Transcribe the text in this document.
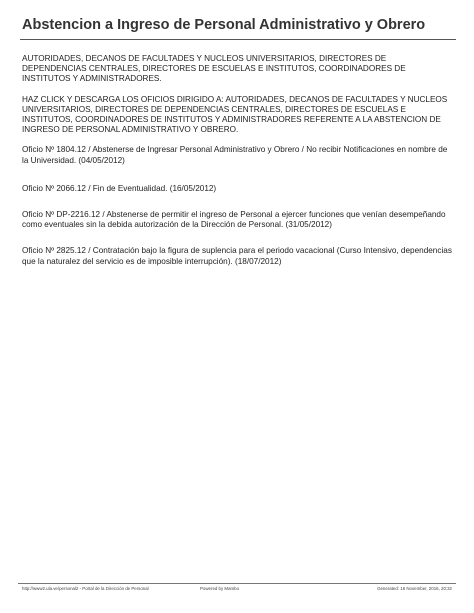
Abstencion a Ingreso de Personal Administrativo y Obrero

AUTORIDADES, DECANOS DE FACULTADES Y NUCLEOS UNIVERSITARIOS, DIRECTORES DE DEPENDENCIAS CENTRALES, DIRECTORES DE ESCUELAS E INSTITUTOS, COORDINADORES DE INSTITUTOS Y ADMINISTRADORES.

HAZ CLICK Y DESCARGA LOS OFICIOS DIRIGIDO A: AUTORIDADES, DECANOS DE FACULTADES Y NUCLEOS UNIVERSITARIOS, DIRECTORES DE DEPENDENCIAS CENTRALES, DIRECTORES DE ESCUELAS E INSTITUTOS, COORDINADORES DE INSTITUTOS Y ADMINISTRADORES REFERENTE A LA ABSTENCION DE INGRESO DE PERSONAL ADMINISTRATIVO Y OBRERO.

Oficio Nº 1804.12 / Abstenerse de Ingresar Personal Administrativo y Obrero / No recibir Notificaciones en nombre de la Universidad. (04/05/2012)

Oficio Nº 2066.12 / Fin de Eventualidad. (16/05/2012)

Oficio Nº DP-2216.12 / Abstenerse de permitir el ingreso de Personal a ejercer funciones que venían desempeñando como eventuales sin la debida autorización de la Dirección de Personal. (31/05/2012)

Oficio Nº 2825.12 / Contratación bajo la figura de suplencia para el periodo vacacional (Curso Intensivo, dependencias que la naturalez del servicio es de imposible interrupción). (18/07/2012)

http://www2.ula.ve/personal2 - Portal de la Dirección de Personal	Powered by Mambo	Generated: 16 November, 2016, 20:32
